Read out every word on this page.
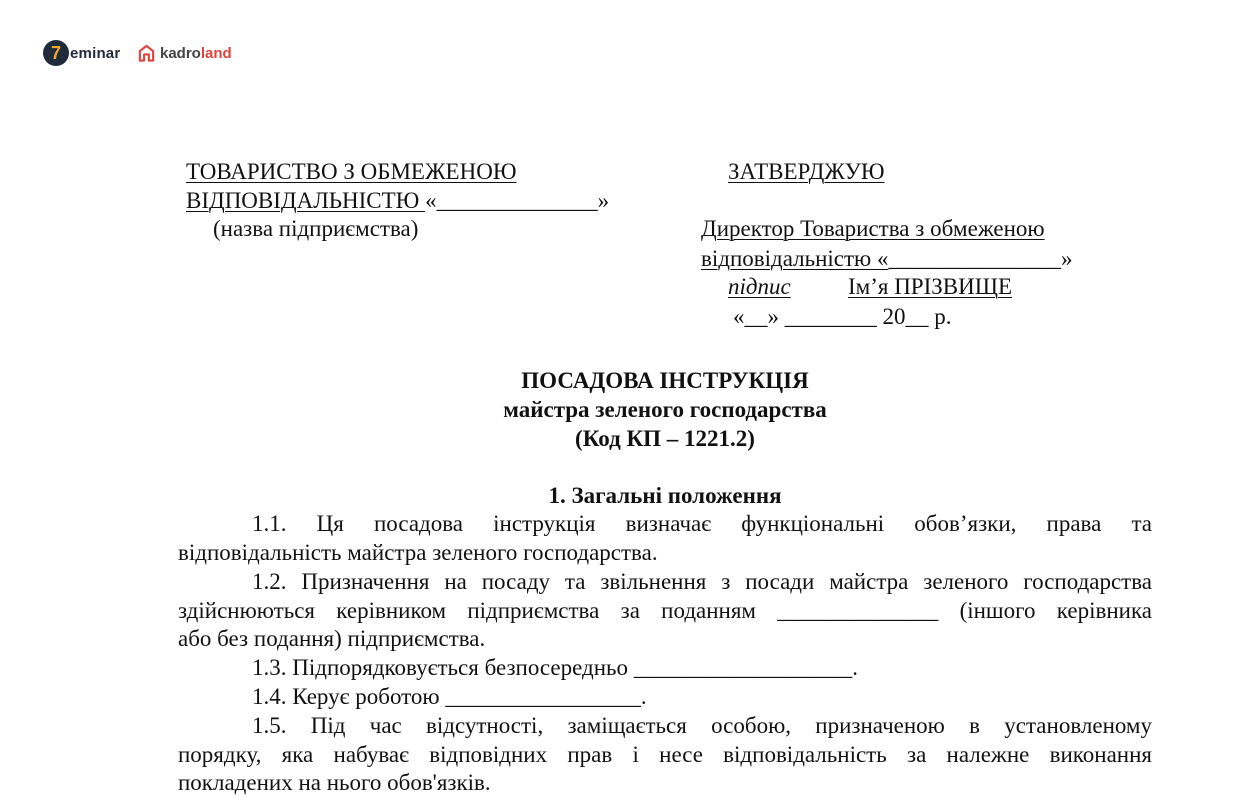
7 eminar	kadroland
ТОВАРИСТВО З ОБМЕЖЕНОЮ
ВІДПОВІДАЛЬНІСТЮ «______________»
(назва підприємства)
ЗАТВЕРДЖУЮ
Директор Товариства з обмеженою
відповідальністю «_______________»
підпис Ім’я ПРІЗВИЩЕ
«__» ________ 20__ р.
ПОСАДОВА ІНСТРУКЦІЯ
майстра зеленого господарства
(Код КП – 1221.2)
1. Загальні положення
1.1. Ця посадова інструкція визначає функціональні обов’язки, права та
відповідальність майстра зеленого господарства.
1.2. Призначення на посаду та звільнення з посади майстра зеленого господарства
здійснюються керівником підприємства за поданням ______________ (іншого керівника
або без подання) підприємства.
1.3. Підпорядковується безпосередньо ___________________.
1.4. Керує роботою _________________.
1.5. Під час відсутності, заміщається особою, призначеною в установленому
порядку, яка набуває відповідних прав і несе відповідальність за належне виконання
покладених на нього обов'язків.
